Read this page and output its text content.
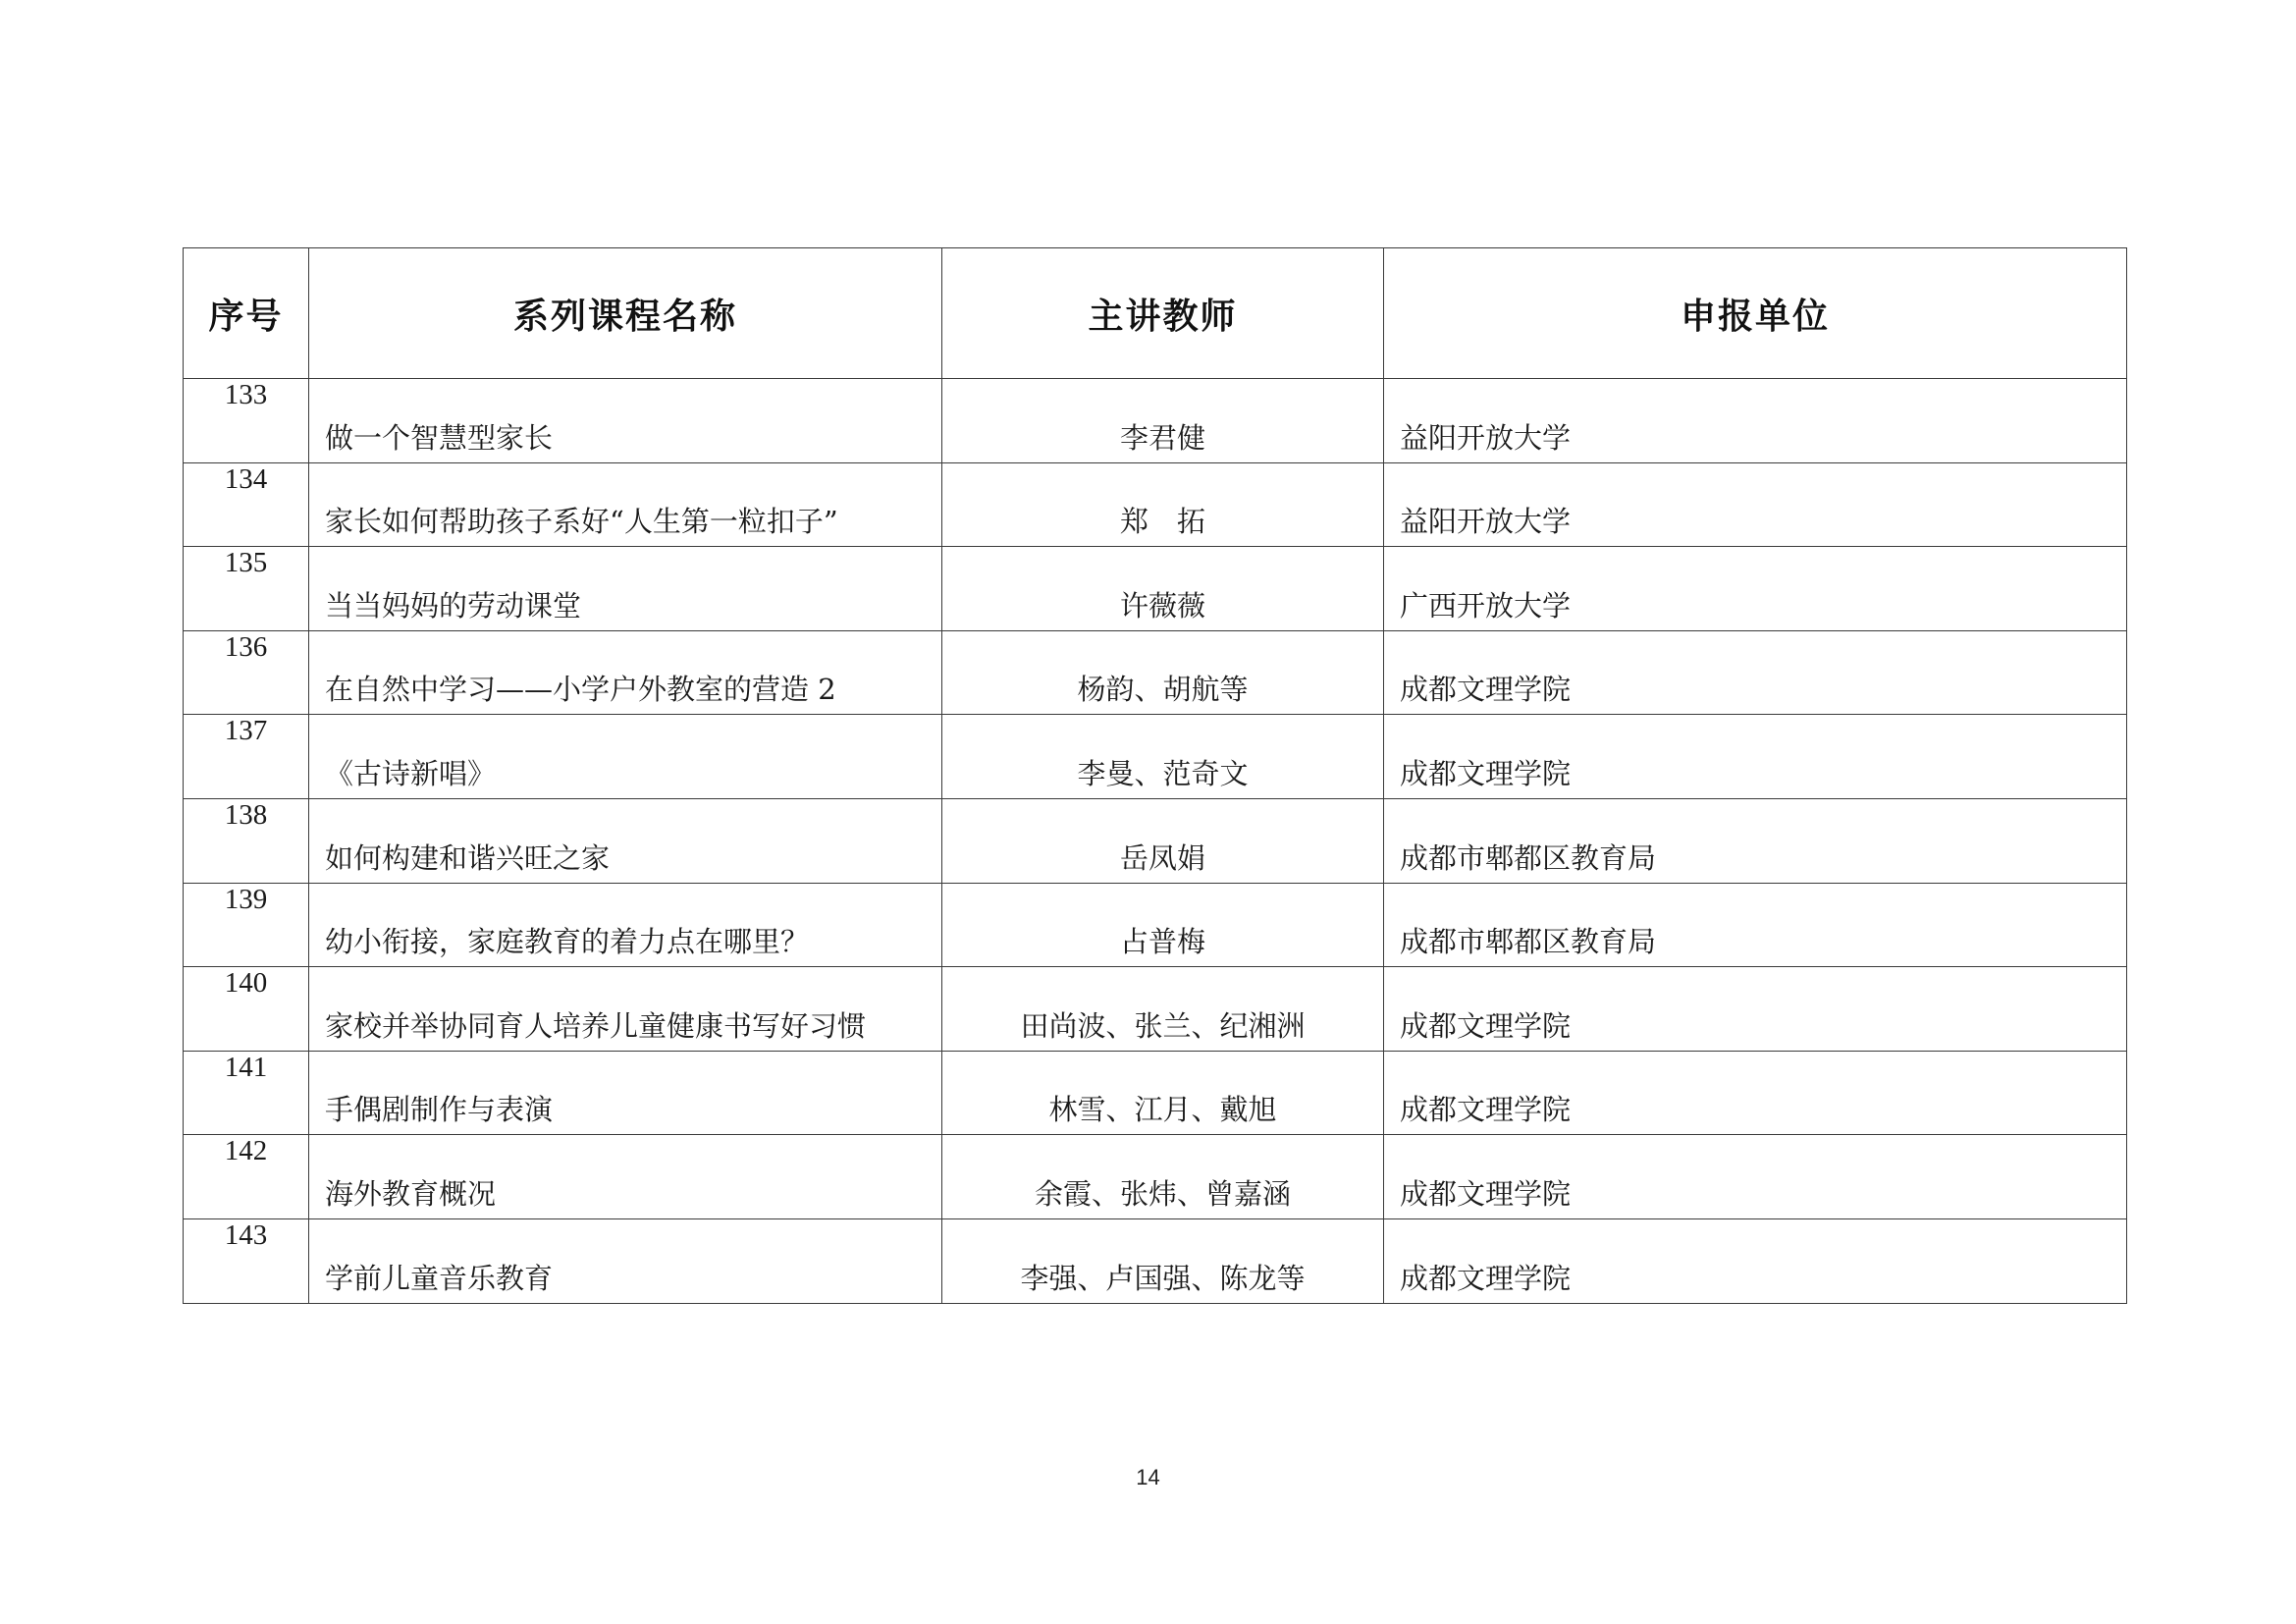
序号	系列课程名称	主讲教师	申报单位
133	做一个智慧型家长	李君健	益阳开放大学
134	家长如何帮助孩子系好“人生第一粒扣子”	郑　拓	益阳开放大学
135	当当妈妈的劳动课堂	许薇薇	广西开放大学
136	在自然中学习——小学户外教室的营造 2	杨韵、胡航等	成都文理学院
137	《古诗新唱》	李曼、范奇文	成都文理学院
138	如何构建和谐兴旺之家	岳凤娟	成都市郫都区教育局
139	幼小衔接，家庭教育的着力点在哪里？	占普梅	成都市郫都区教育局
140	家校并举协同育人培养儿童健康书写好习惯	田尚波、张兰、纪湘洲	成都文理学院
141	手偶剧制作与表演	林雪、江月、戴旭	成都文理学院
142	海外教育概况	余霞、张炜、曾嘉涵	成都文理学院
143	学前儿童音乐教育	李强、卢国强、陈龙等	成都文理学院
14
